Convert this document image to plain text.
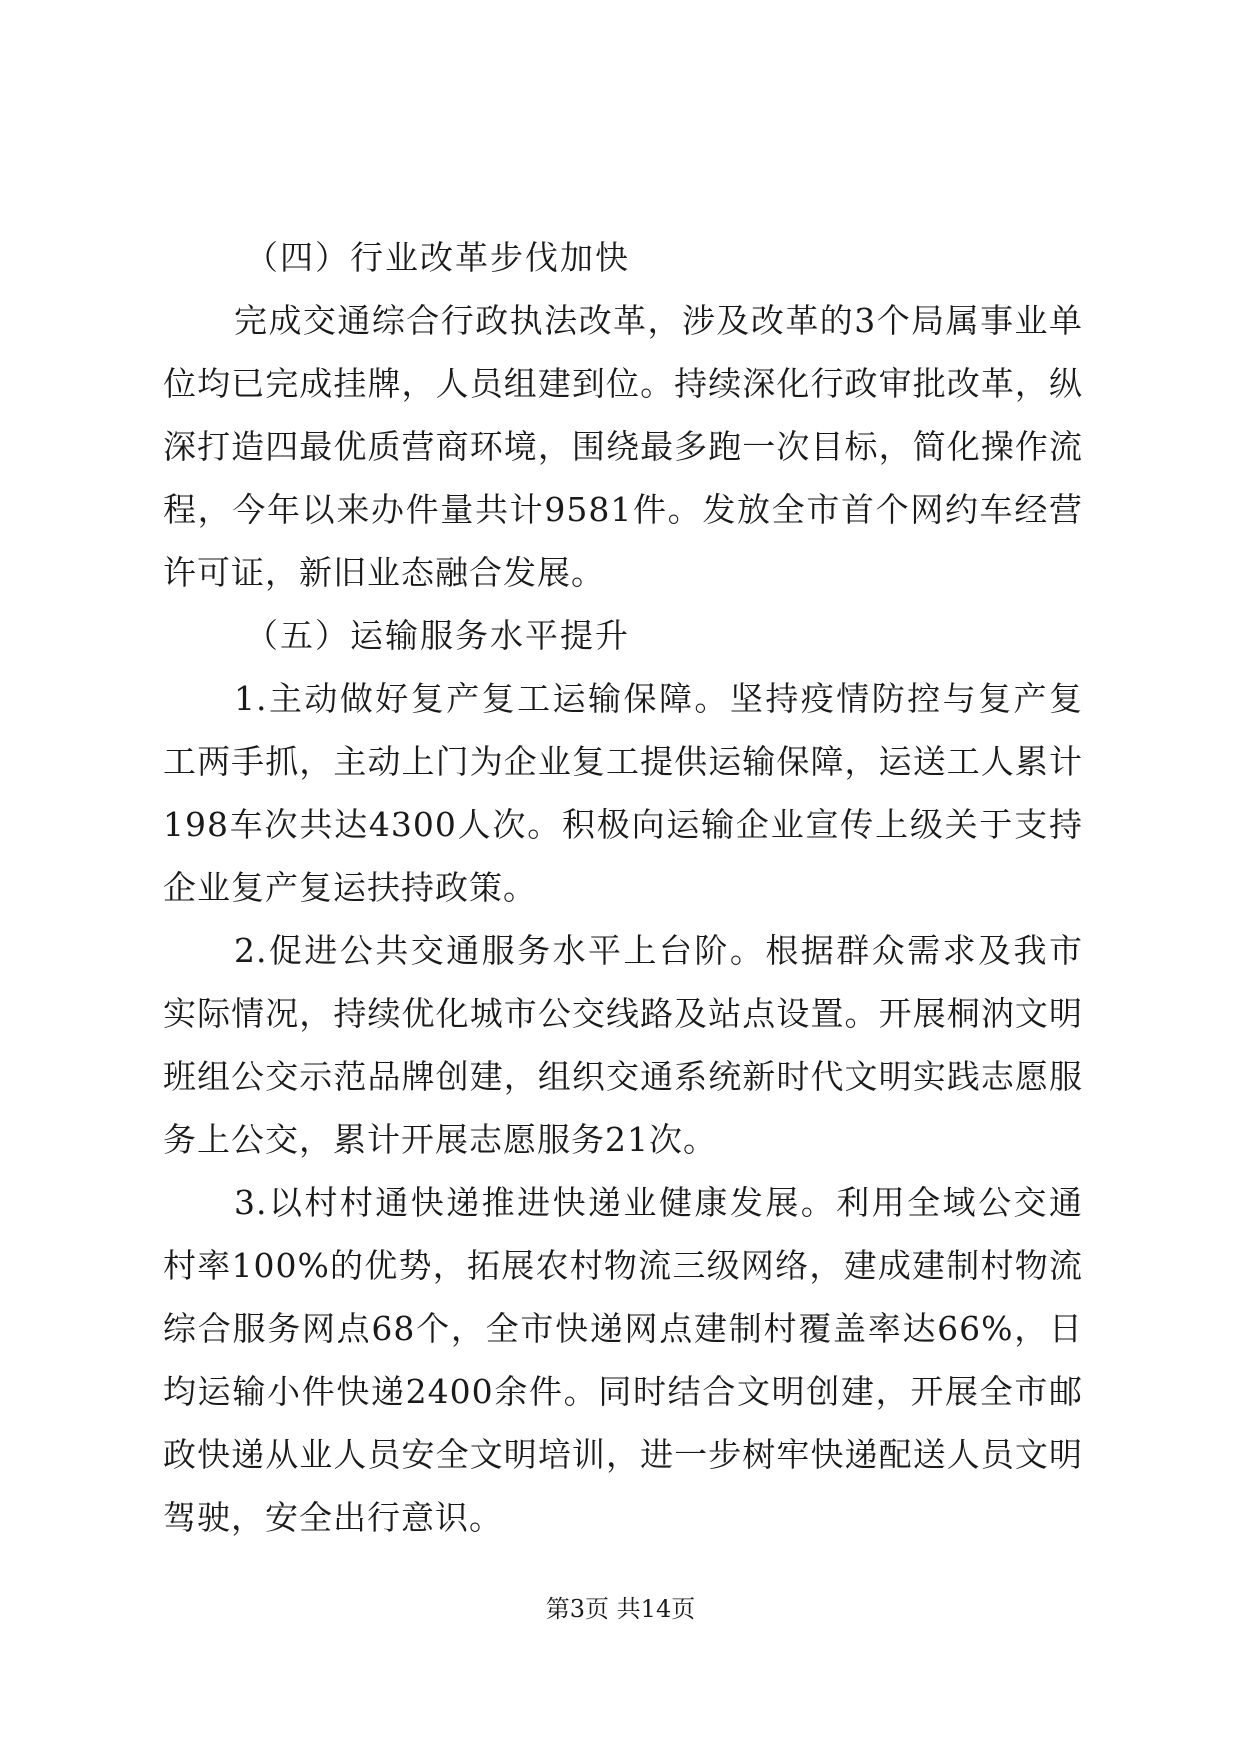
（四）行业改革步伐加快

完成交通综合行政执法改革，涉及改革的3个局属事业单位均已完成挂牌，人员组建到位。持续深化行政审批改革，纵深打造四最优质营商环境，围绕最多跑一次目标，简化操作流程，今年以来办件量共计9581件。发放全市首个网约车经营许可证，新旧业态融合发展。

（五）运输服务水平提升

1.主动做好复产复工运输保障。坚持疫情防控与复产复工两手抓，主动上门为企业复工提供运输保障，运送工人累计198车次共达4300人次。积极向运输企业宣传上级关于支持企业复产复运扶持政策。

2.促进公共交通服务水平上台阶。根据群众需求及我市实际情况，持续优化城市公交线路及站点设置。开展桐汭文明班组公交示范品牌创建，组织交通系统新时代文明实践志愿服务上公交，累计开展志愿服务21次。

3.以村村通快递推进快递业健康发展。利用全域公交通村率100%的优势，拓展农村物流三级网络，建成建制村物流综合服务网点68个，全市快递网点建制村覆盖率达66%，日均运输小件快递2400余件。同时结合文明创建，开展全市邮政快递从业人员安全文明培训，进一步树牢快递配送人员文明驾驶，安全出行意识。

第3页 共14页
